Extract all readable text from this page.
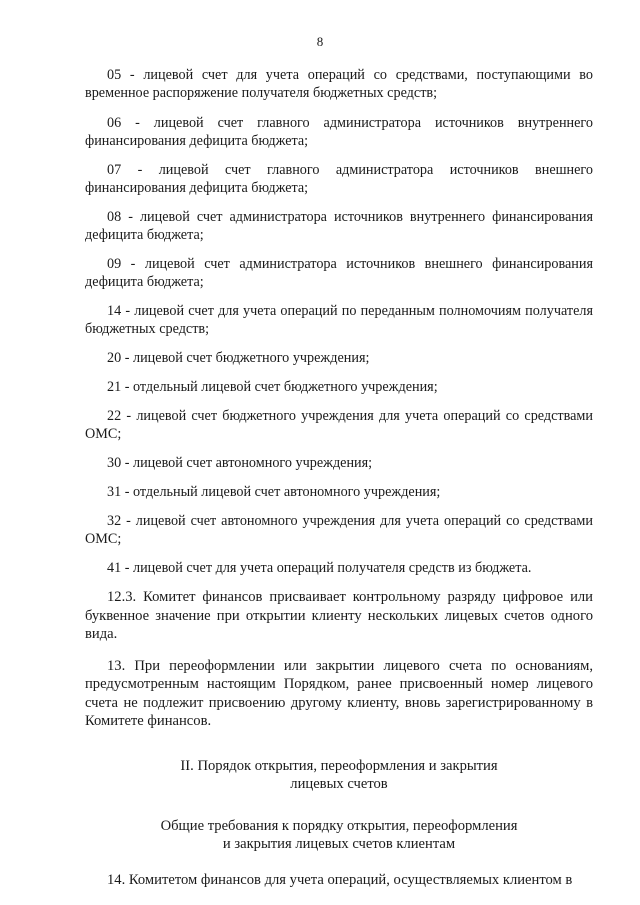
8

05 - лицевой счет для учета операций со средствами, поступающими во временное распоряжение получателя бюджетных средств;

06 - лицевой счет главного администратора источников внутреннего финансирования дефицита бюджета;

07 - лицевой счет главного администратора источников внешнего финансирования дефицита бюджета;

08 - лицевой счет администратора источников внутреннего финансирования дефицита бюджета;

09 - лицевой счет администратора источников внешнего финансирования дефицита бюджета;

14 - лицевой счет для учета операций по переданным полномочиям получателя бюджетных средств;

20 - лицевой счет бюджетного учреждения;

21 - отдельный лицевой счет бюджетного учреждения;

22 - лицевой счет бюджетного учреждения для учета операций со средствами ОМС;

30 - лицевой счет автономного учреждения;

31 - отдельный лицевой счет автономного учреждения;

32 - лицевой счет автономного учреждения для учета операций со средствами ОМС;

41 - лицевой счет для учета операций получателя средств из бюджета.

12.3. Комитет финансов присваивает контрольному разряду цифровое или буквенное значение при открытии клиенту нескольких лицевых счетов одного вида.

13. При переоформлении или закрытии лицевого счета по основаниям, предусмотренным настоящим Порядком, ранее присвоенный номер лицевого счета не подлежит присвоению другому клиенту, вновь зарегистрированному в Комитете финансов.

II. Порядок открытия, переоформления и закрытия
лицевых счетов
Общие требования к порядку открытия, переоформления
и закрытия лицевых счетов клиентам

14. Комитетом финансов для учета операций, осуществляемых клиентом в
